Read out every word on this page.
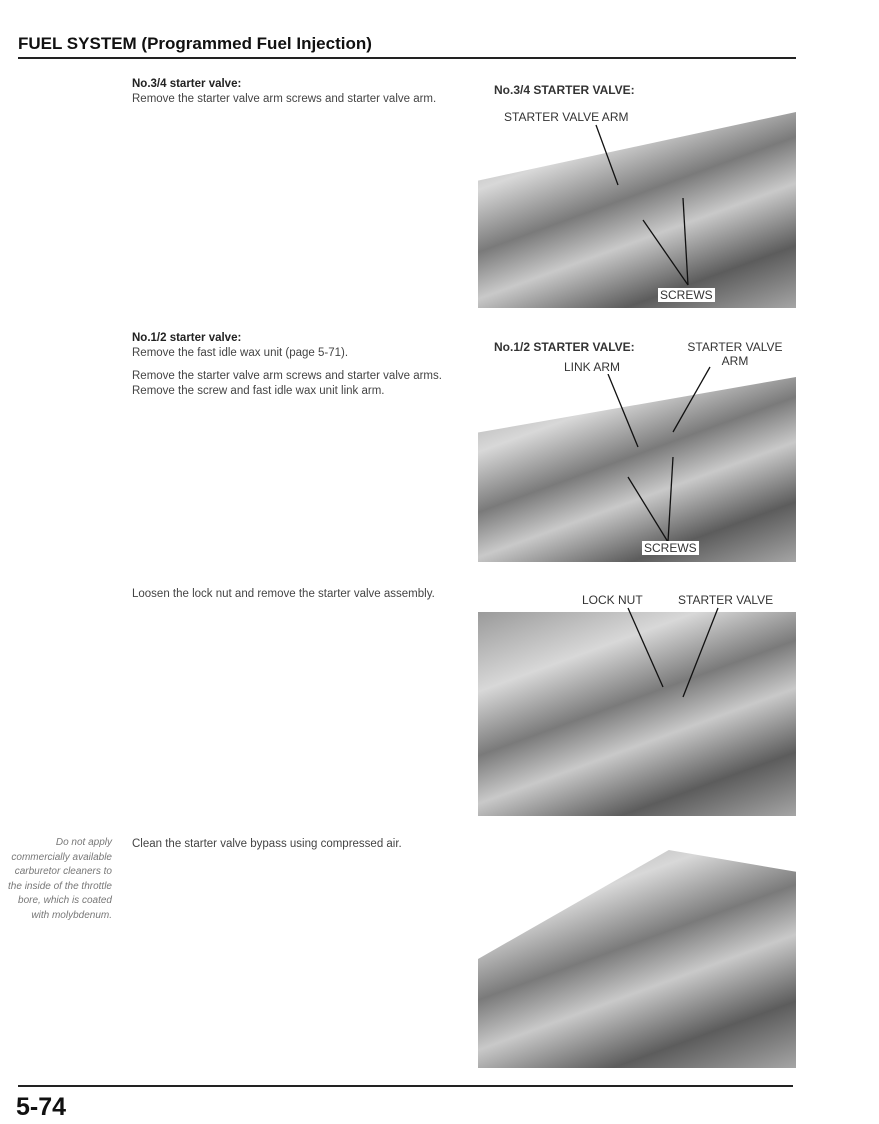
FUEL SYSTEM (Programmed Fuel Injection)
No.3/4 starter valve:
Remove the starter valve arm screws and starter valve arm.
No.1/2 starter valve:

Remove the fast idle wax unit (page 5-71).

Remove the starter valve arm screws and starter valve arms.
Remove the screw and fast idle wax unit link arm.

Loosen the lock nut and remove the starter valve assembly.
Clean the starter valve bypass using compressed air.
Do not apply commercially available carburetor cleaners to the inside of the throttle bore, which is coated with molybdenum.
No.3/4 STARTER VALVE:
STARTER VALVE ARM
SCREWS
No.1/2 STARTER VALVE:	STARTER VALVE ARM
LINK ARM
SCREWS
LOCK NUT	STARTER VALVE
5-74
